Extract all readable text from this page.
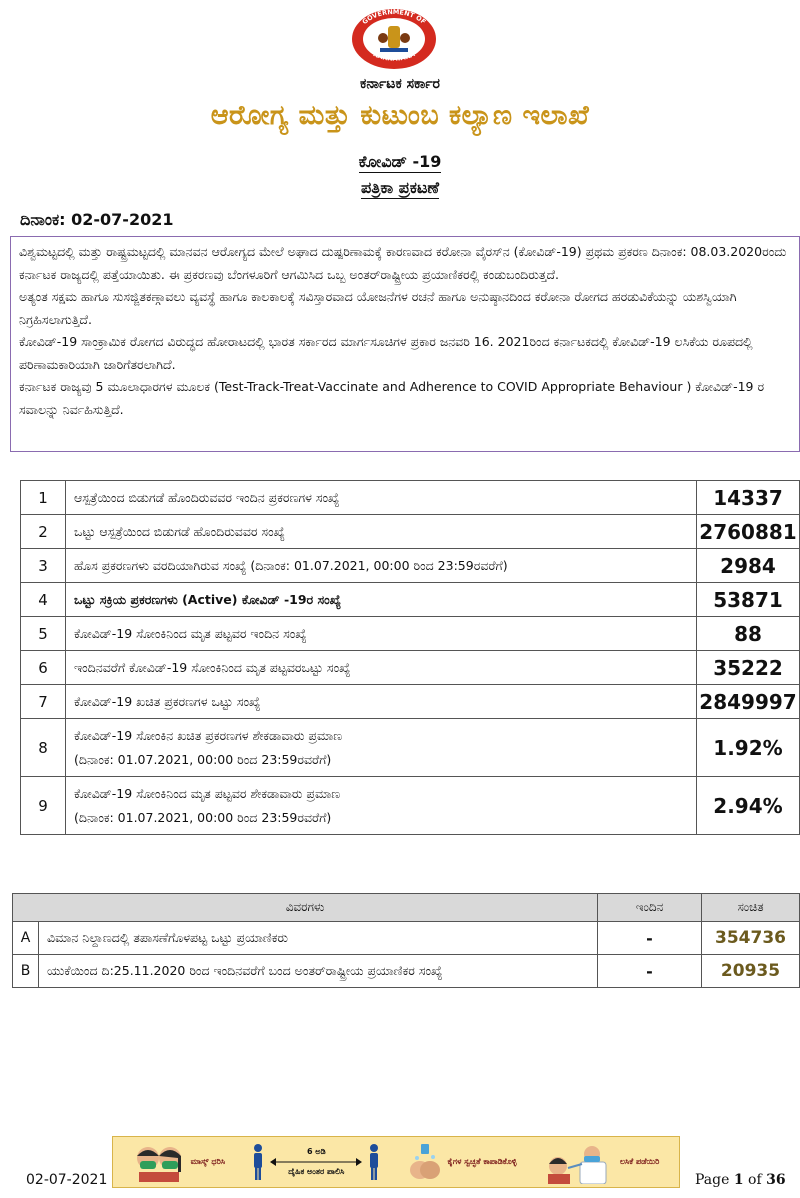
GOVERNMENT OF
KARNATAKA
ಕರ್ನಾಟಕ ಸರ್ಕಾರ
ಆರೋಗ್ಯ ಮತ್ತು ಕುಟುಂಬ ಕಲ್ಯಾಣ ಇಲಾಖೆ
ಕೋವಿಡ್ -19
ಪತ್ರಿಕಾ ಪ್ರಕಟಣೆ
ದಿನಾಂಕ: 02-07-2021

ವಿಶ್ವಮಟ್ಟದಲ್ಲಿ ಮತ್ತು ರಾಷ್ಟ್ರಮಟ್ಟದಲ್ಲಿ ಮಾನವನ ಆರೋಗ್ಯದ ಮೇಲೆ ಅಘಾದ ದುಷ್ಪರಿಣಾಮಕ್ಕೆ ಕಾರಣವಾದ ಕರೋನಾ ವೈರಸ್‌ನ (ಕೋವಿಡ್-19) ಪ್ರಥಮ ಪ್ರಕರಣ ದಿನಾಂಕ: 08.03.2020ರಂದು ಕರ್ನಾಟಕ ರಾಜ್ಯದಲ್ಲಿ ಪತ್ತೆಯಾಯಿತು. ಈ ಪ್ರಕರಣವು ಬೆಂಗಳೂರಿಗೆ ಆಗಮಿಸಿದ ಒಬ್ಬ ಅಂತರ್‌ರಾಷ್ಟ್ರೀಯ ಪ್ರಯಾಣಿಕರಲ್ಲಿ ಕಂಡುಬಂದಿರುತ್ತದೆ.

ಅತ್ಯಂತ ಸಕ್ಷಮ ಹಾಗೂ ಸುಸಜ್ಜಿತಕಣ್ಗಾವಲು ವ್ಯವಸ್ಥೆ ಹಾಗೂ ಕಾಲಕಾಲಕ್ಕೆ ಸವಿಸ್ತಾರವಾದ ಯೋಜನೆಗಳ ರಚನೆ ಹಾಗೂ ಅನುಷ್ಠಾನದಿಂದ ಕರೋನಾ ರೋಗದ ಹರಡುವಿಕೆಯನ್ನು ಯಶಸ್ವಿಯಾಗಿ ನಿಗ್ರಹಿಸಲಾಗುತ್ತಿದೆ.

ಕೋವಿಡ್-19 ಸಾಂಕ್ರಾಮಿಕ ರೋಗದ ವಿರುದ್ಧದ ಹೋರಾಟದಲ್ಲಿ ಭಾರತ ಸರ್ಕಾರದ ಮಾರ್ಗಸೂಚಿಗಳ ಪ್ರಕಾರ ಜನವರಿ 16. 2021ರಿಂದ ಕರ್ನಾಟಕದಲ್ಲಿ ಕೋವಿಡ್-19 ಲಸಿಕೆಯ ರೂಪದಲ್ಲಿ ಪರಿಣಾಮಕಾರಿಯಾಗಿ ಜಾರಿಗೆತರಲಾಗಿದೆ.

ಕರ್ನಾಟಕ ರಾಜ್ಯವು 5 ಮೂಲಾಧಾರಗಳ ಮೂಲಕ (Test-Track-Treat-Vaccinate and Adherence to COVID Appropriate Behaviour ) ಕೋವಿಡ್-19 ರ ಸವಾಲನ್ನು ನಿರ್ವಹಿಸುತ್ತಿದೆ.

1	ಆಸ್ಪತ್ರೆಯಿಂದ ಬಿಡುಗಡೆ ಹೊಂದಿರುವವರ ಇಂದಿನ ಪ್ರಕರಣಗಳ ಸಂಖ್ಯೆ	14337
2	ಒಟ್ಟು ಆಸ್ಪತ್ರೆಯಿಂದ ಬಿಡುಗಡೆ ಹೊಂದಿರುವವರ ಸಂಖ್ಯೆ	2760881
3	ಹೊಸ ಪ್ರಕರಣಗಳು ವರದಿಯಾಗಿರುವ ಸಂಖ್ಯೆ (ದಿನಾಂಕ: 01.07.2021, 00:00 ರಿಂದ 23:59ರವರೆಗೆ)	2984
4	ಒಟ್ಟು ಸಕ್ರಿಯ ಪ್ರಕರಣಗಳು (Active) ಕೋವಿಡ್ -19ರ ಸಂಖ್ಯೆ	53871
5	ಕೋವಿಡ್-19 ಸೋಂಕಿನಿಂದ ಮೃತ ಪಟ್ಟವರ ಇಂದಿನ ಸಂಖ್ಯೆ	88
6	ಇಂದಿನವರೆಗೆ ಕೋವಿಡ್-19 ಸೋಂಕಿನಿಂದ ಮೃತ ಪಟ್ಟವರಒಟ್ಟು ಸಂಖ್ಯೆ	35222
7	ಕೋವಿಡ್-19 ಖಚಿತ ಪ್ರಕರಣಗಳ ಒಟ್ಟು ಸಂಖ್ಯೆ	2849997
8	ಕೋವಿಡ್-19 ಸೋಂಕಿನ ಖಚಿತ ಪ್ರಕರಣಗಳ ಶೇಕಡಾವಾರು ಪ್ರಮಾಣ
(ದಿನಾಂಕ: 01.07.2021, 00:00 ರಿಂದ 23:59ರವರೆಗೆ)	1.92%
9	ಕೋವಿಡ್-19 ಸೋಂಕಿನಿಂದ ಮೃತ ಪಟ್ಟವರ ಶೇಕಡಾವಾರು ಪ್ರಮಾಣ
(ದಿನಾಂಕ: 01.07.2021, 00:00 ರಿಂದ 23:59ರವರೆಗೆ)	2.94%
ವಿವರಗಳು		ಇಂದಿನ	ಸಂಚಿತ
A	ವಿಮಾನ ನಿಲ್ದಾಣದಲ್ಲಿ ತಪಾಸಣೆಗೊಳಪಟ್ಟ ಒಟ್ಟು ಪ್ರಯಾಣಿಕರು	-	354736
B	ಯುಕೆಯಿಂದ ದಿ:25.11.2020 ರಿಂದ ಇಂದಿನವರೆಗೆ ಬಂದ ಅಂತರ್‌ರಾಷ್ಟ್ರೀಯ ಪ್ರಯಾಣಿಕರ ಸಂಖ್ಯೆ	-	20935
02-07-2021
ಮಾಸ್ಕ್ ಧರಿಸಿ
6 ಅಡಿ
ದೈಹಿಕ ಅಂತರ ಪಾಲಿಸಿ
ಕೈಗಳ ಸ್ವಚ್ಛತೆ ಕಾಪಾಡಿಕೊಳ್ಳಿ	ಲಸಿಕೆ ಪಡೆಯಿರಿ
Page 1 of 36
